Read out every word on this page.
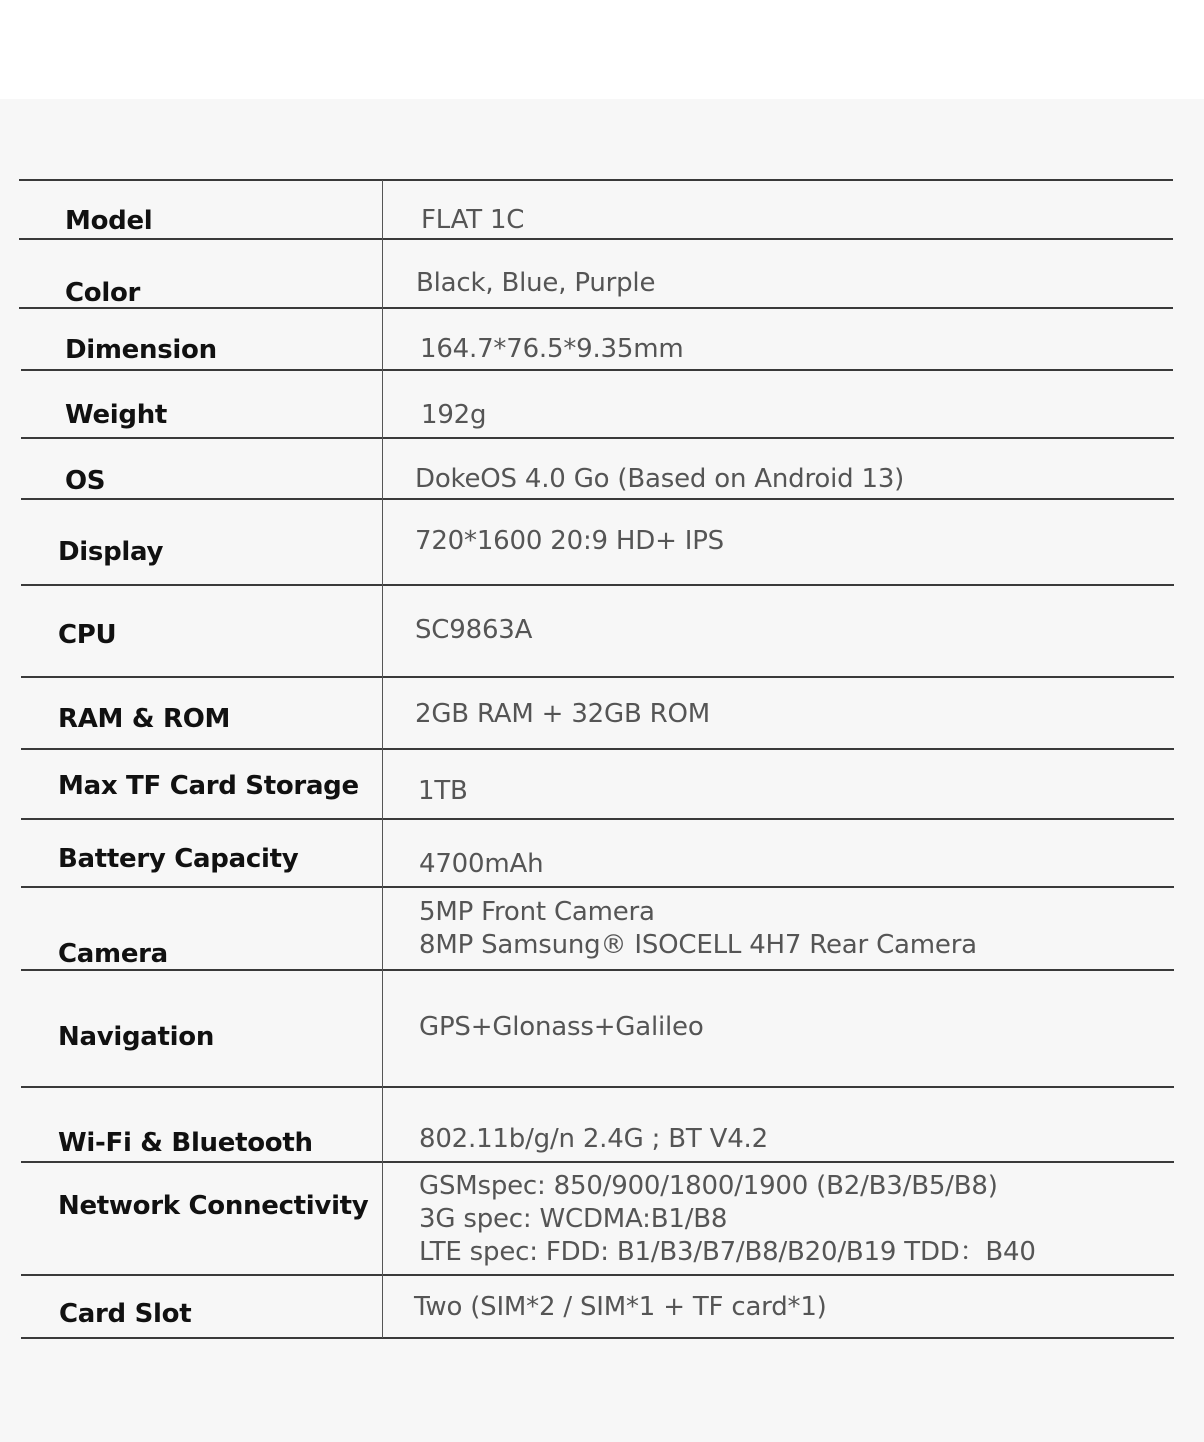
Model
Color
Dimension
Weight
OS
Display
CPU
RAM & ROM
Max TF Card Storage
Battery Capacity
Camera
Navigation
Wi-Fi & Bluetooth
Network Connectivity
Card Slot
FLAT 1C
Black, Blue, Purple
164.7*76.5*9.35mm
192g
DokeOS 4.0 Go (Based on Android 13)
720*1600 20:9 HD+ IPS
SC9863A
2GB RAM + 32GB ROM
1TB
4700mAh
5MP Front Camera
8MP Samsung® ISOCELL 4H7 Rear Camera
GPS+Glonass+Galileo
802.11b/g/n 2.4G ; BT V4.2
GSMspec: 850/900/1800/1900 (B2/B3/B5/B8)
3G spec: WCDMA:B1/B8
LTE spec: FDD: B1/B3/B7/B8/B20/B19 TDD：B40
Two (SIM*2 / SIM*1 + TF card*1)
